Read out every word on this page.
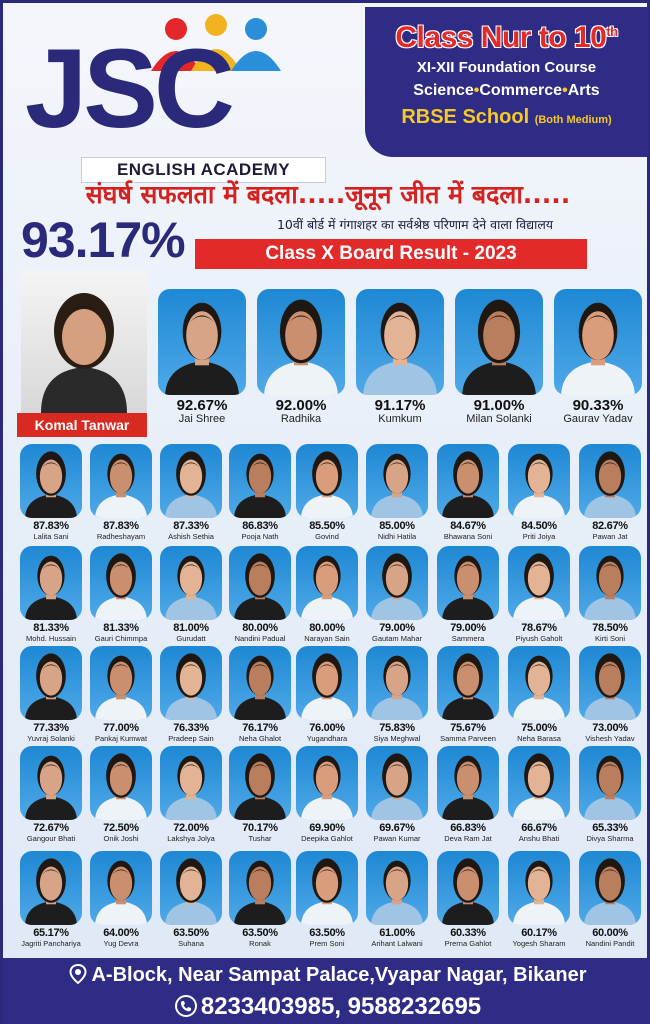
JSC
ENGLISH ACADEMY
Class Nur to 10th
XI-XII Foundation Course
Science•Commerce•Arts
RBSE School (Both Medium)
संघर्ष सफलता में बदला.....जूनून जीत में बदला.....
93.17%	10वीं बोर्ड में गंगाशहर का सर्वश्रेष्ठ परिणाम देने वाला विद्यालय
Class X Board Result - 2023
Komal Tanwar
92.67%
Jai Shree
92.00%
Radhika
91.17%
Kumkum
91.00%
Milan Solanki
90.33%
Gaurav Yadav
87.83%
Lalita Sani
87.83%
Radheshayam
87.33%
Ashish Sethia
86.83%
Pooja Nath
85.50%
Govind
85.00%
Nidhi Hatila
84.67%
Bhawana Soni
84.50%
Priti Joiya
82.67%
Pawan Jat
81.33%
Mohd. Hussain
81.33%
Gauri Chimmpa
81.00%
Gurudatt
80.00%
Nandini Padual
80.00%
Narayan Sain
79.00%
Gautam Mahar
79.00%
Sammera
78.67%
Piyush Gaholt
78.50%
Kirti Soni
77.33%
Yuvraj Solanki
77.00%
Pankaj Kumwat
76.33%
Pradeep Sain
76.17%
Neha Ghalot
76.00%
Yugandhara
75.83%
Siya Meghwal
75.67%
Samma Parveen
75.00%
Neha Barasa
73.00%
Vishesh Yadav
72.67%
Gangour Bhati
72.50%
Onik Joshi
72.00%
Lakshya Jolya
70.17%
Tushar
69.90%
Deepika Gahlot
69.67%
Pawan Kumar
66.83%
Deva Ram Jat
66.67%
Anshu Bhati
65.33%
Divya Sharma
65.17%
Jagriti Panchariya
64.00%
Yug Devra
63.50%
Suhana
63.50%
Ronak
63.50%
Prem Soni
61.00%
Arihant Lalwani
60.33%
Prerna Gahlot
60.17%
Yogesh Sharam
60.00%
Nandini Pandit
A-Block, Near Sampat Palace,Vyapar Nagar, Bikaner
8233403985, 9588232695
